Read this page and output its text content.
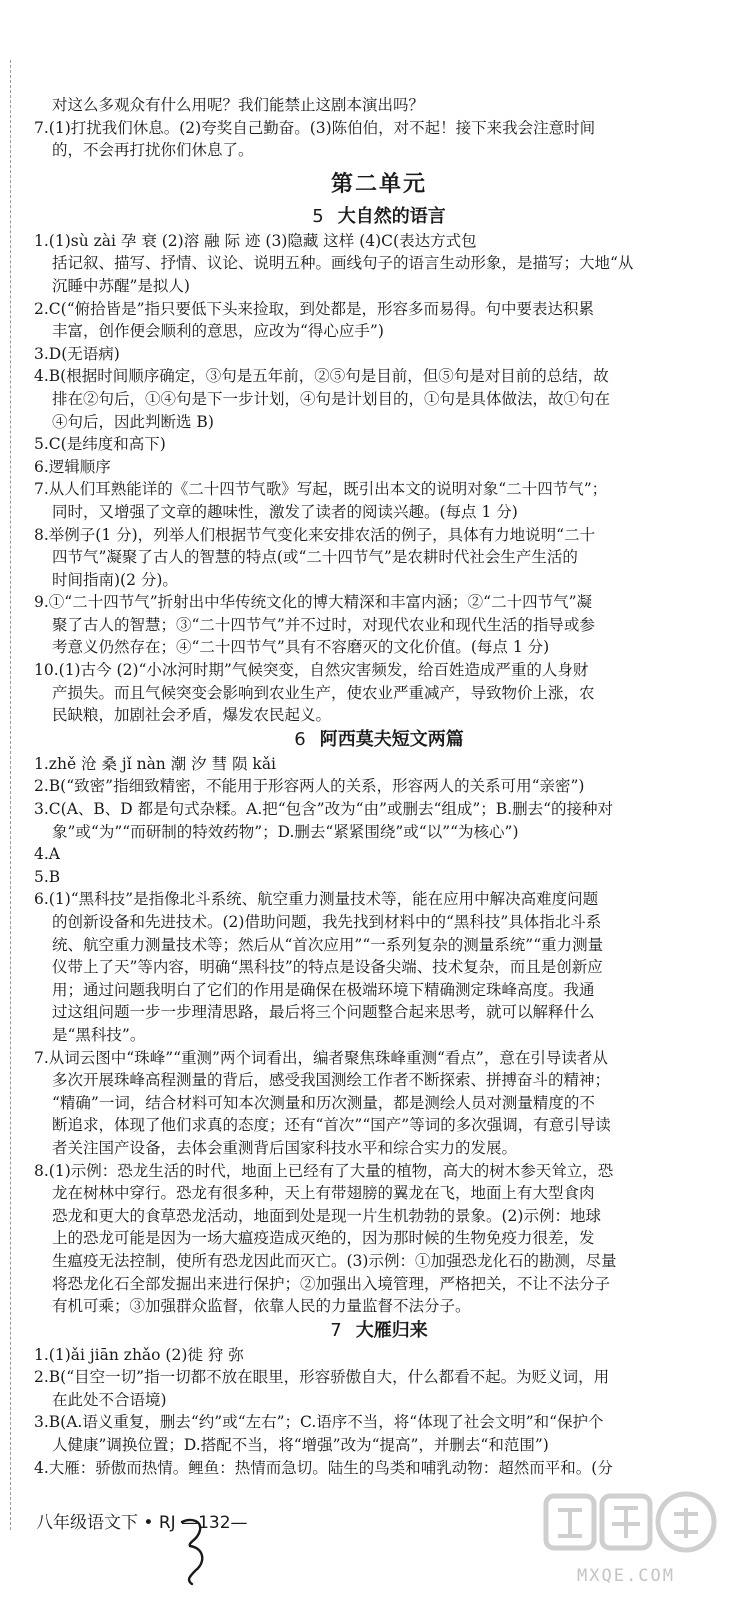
对这么多观众有什么用呢？我们能禁止这剧本演出吗？
7.(1)打扰我们休息。(2)夸奖自己勤奋。(3)陈伯伯，对不起！接下来我会注意时间
的，不会再打扰你们休息了。
第二单元
5 大自然的语言
1.(1)sù zài 孕 衰 (2)溶 融 际 迹 (3)隐藏 这样 (4)C(表达方式包
括记叙、描写、抒情、议论、说明五种。画线句子的语言生动形象，是描写；大地“从
沉睡中苏醒”是拟人)
2.C(“俯拾皆是”指只要低下头来捡取，到处都是，形容多而易得。句中要表达积累
丰富，创作便会顺利的意思，应改为“得心应手”)
3.D(无语病)
4.B(根据时间顺序确定，③句是五年前，②⑤句是目前，但⑤句是对目前的总结，故
排在②句后，①④句是下一步计划，④句是计划目的，①句是具体做法，故①句在
④句后，因此判断选 B)
5.C(是纬度和高下)
6.逻辑顺序
7.从人们耳熟能详的《二十四节气歌》写起，既引出本文的说明对象“二十四节气”；
同时，又增强了文章的趣味性，激发了读者的阅读兴趣。(每点 1 分)
8.举例子(1 分)，列举人们根据节气变化来安排农活的例子，具体有力地说明“二十
四节气”凝聚了古人的智慧的特点(或“二十四节气”是农耕时代社会生产生活的
时间指南)(2 分)。
9.①“二十四节气”折射出中华传统文化的博大精深和丰富内涵；②“二十四节气”凝
聚了古人的智慧；③“二十四节气”并不过时，对现代农业和现代生活的指导或参
考意义仍然存在；④“二十四节气”具有不容磨灭的文化价值。(每点 1 分)
10.(1)古今 (2)“小冰河时期”气候突变，自然灾害频发，给百姓造成严重的人身财
产损失。而且气候突变会影响到农业生产，使农业严重减产，导致物价上涨，农
民缺粮，加剧社会矛盾，爆发农民起义。
6 阿西莫夫短文两篇
1.zhě 沧 桑 jǐ nàn 潮 汐 彗 陨 kǎi
2.B(“致密”指细致精密，不能用于形容两人的关系，形容两人的关系可用“亲密”)
3.C(A、B、D 都是句式杂糅。A.把“包含”改为“由”或删去“组成”；B.删去“的接种对
象”或“为”“而研制的特效药物”；D.删去“紧紧围绕”或“以”“为核心”)
4.A
5.B
6.(1)“黑科技”是指像北斗系统、航空重力测量技术等，能在应用中解决高难度问题
的创新设备和先进技术。(2)借助问题，我先找到材料中的“黑科技”具体指北斗系
统、航空重力测量技术等；然后从“首次应用”“一系列复杂的测量系统”“重力测量
仪带上了天”等内容，明确“黑科技”的特点是设备尖端、技术复杂，而且是创新应
用；通过问题我明白了它们的作用是确保在极端环境下精确测定珠峰高度。我通
过这组问题一步一步理清思路，最后将三个问题整合起来思考，就可以解释什么
是“黑科技”。
7.从词云图中“珠峰”“重测”两个词看出，编者聚焦珠峰重测“看点”，意在引导读者从
多次开展珠峰高程测量的背后，感受我国测绘工作者不断探索、拼搏奋斗的精神；
“精确”一词，结合材料可知本次测量和历次测量，都是测绘人员对测量精度的不
断追求，体现了他们求真的态度；还有“首次”“国产”等词的多次强调，有意引导读
者关注国产设备，去体会重测背后国家科技水平和综合实力的发展。
8.(1)示例：恐龙生活的时代，地面上已经有了大量的植物，高大的树木参天耸立，恐
龙在树林中穿行。恐龙有很多种，天上有带翅膀的翼龙在飞，地面上有大型食肉
恐龙和更大的食草恐龙活动，地面到处是现一片生机勃勃的景象。(2)示例：地球
上的恐龙可能是因为一场大瘟疫造成灭绝的，因为那时候的生物免疫力很差，发
生瘟疫无法控制，使所有恐龙因此而灭亡。(3)示例：①加强恐龙化石的勘测，尽量
将恐龙化石全部发掘出来进行保护；②加强出入境管理，严格把关，不让不法分子
有机可乘；③加强群众监督，依靠人民的力量监督不法分子。
7 大雁归来
1.(1)ǎi jiān zhǎo (2)徙 狩 弥
2.B(“目空一切”指一切都不放在眼里，形容骄傲自大，什么都看不起。为贬义词，用
在此处不合语境)
3.B(A.语义重复，删去“约”或“左右”；C.语序不当，将“体现了社会文明”和“保护个
人健康”调换位置；D.搭配不当，将“增强”改为“提高”，并删去“和范围”)
4.大雁：骄傲而热情。鲤鱼：热情而急切。陆生的鸟类和哺乳动物：超然而平和。(分
八年级语文下 • RJ —132—
MXQE.COM
